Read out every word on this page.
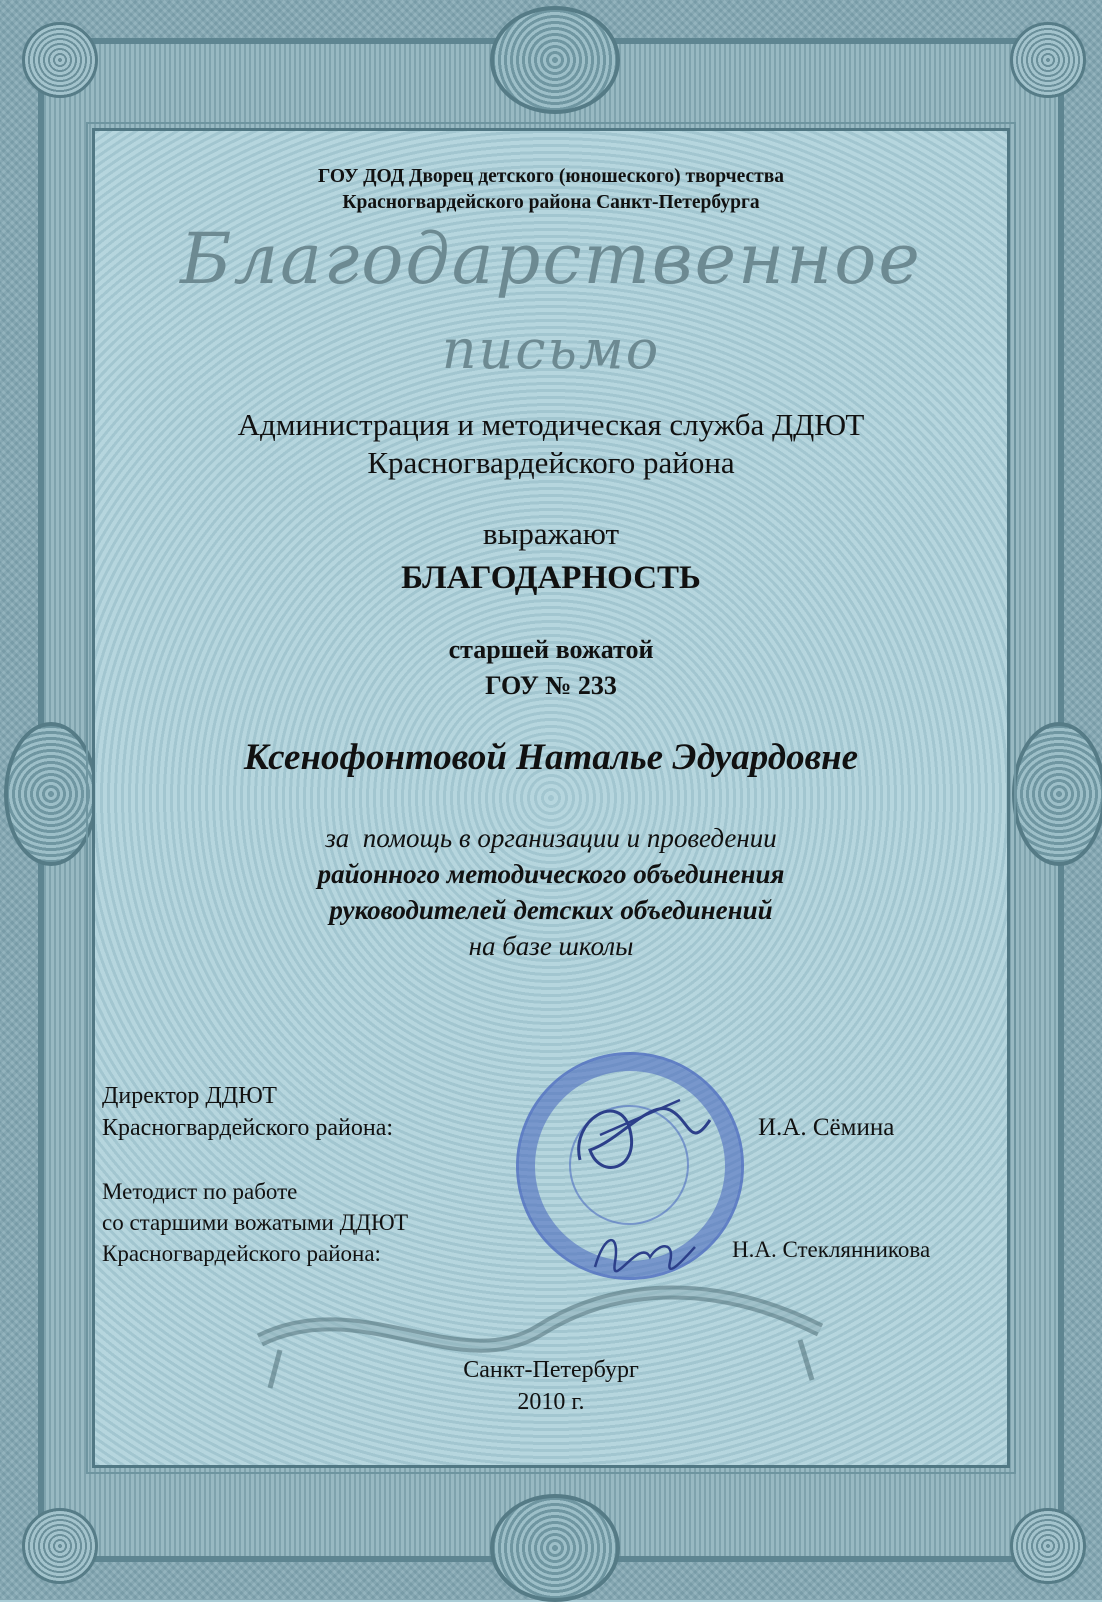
ГОУ ДОД Дворец детского (юношеского) творчества
Красногвардейского района Санкт-Петербурга
Благодарственное
письмо
Администрация и методическая служба ДДЮТ
Красногвардейского района
выражают
БЛАГОДАРНОСТЬ
старшей вожатой
ГОУ № 233
Ксенофонтовой Наталье Эдуардовне
за  помощь в организации и проведении
районного методического объединения
руководителей детских объединений
на базе школы
Директор ДДЮТ
Красногвардейского района:	И.А. Сёмина
Методист по работе
со старшими вожатыми ДДЮТ
Красногвардейского района:	Н.А. Стеклянникова
Санкт-Петербург
2010 г.
